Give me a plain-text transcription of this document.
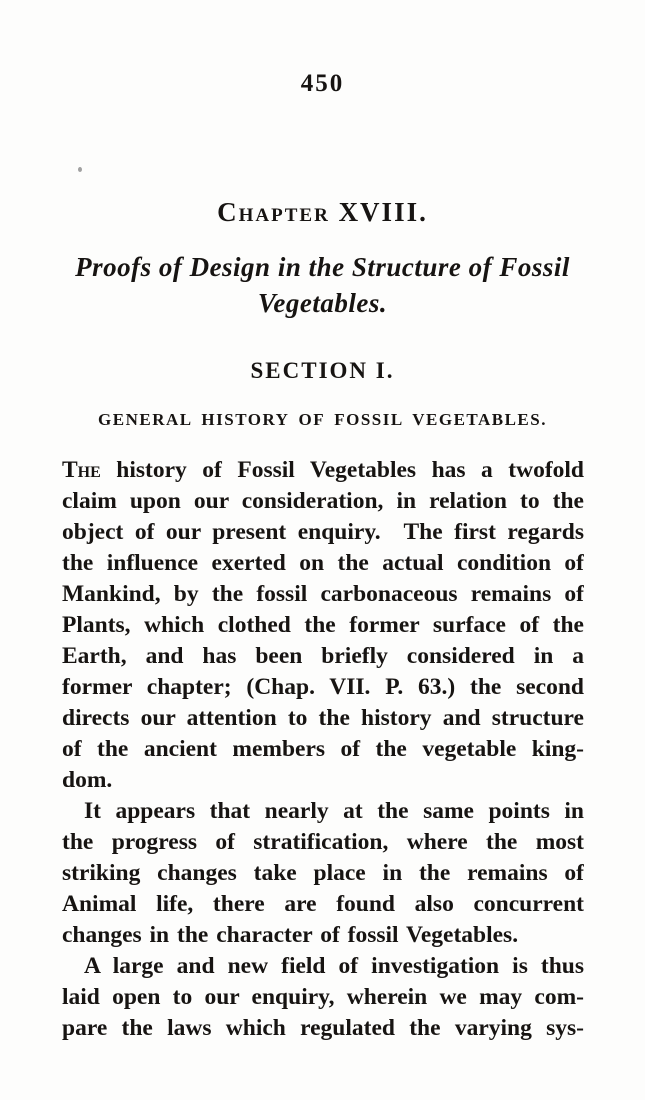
450
Chapter XVIII.
Proofs of Design in the Structure of Fossil
Vegetables.
SECTION I.
GENERAL HISTORY OF FOSSIL VEGETABLES.
The history of Fossil Vegetables has a twofold
claim upon our consideration, in relation to the
object of our present enquiry.  The first regards
the influence exerted on the actual condition of
Mankind, by the fossil carbonaceous remains of
Plants, which clothed the former surface of the
Earth, and has been briefly considered in a
former chapter; (Chap. VII. P. 63.) the second
directs our attention to the history and structure
of the ancient members of the vegetable king-
dom.
It appears that nearly at the same points in
the progress of stratification, where the most
striking changes take place in the remains of
Animal life, there are found also concurrent
changes in the character of fossil Vegetables.
A large and new field of investigation is thus
laid open to our enquiry, wherein we may com-
pare the laws which regulated the varying sys-
